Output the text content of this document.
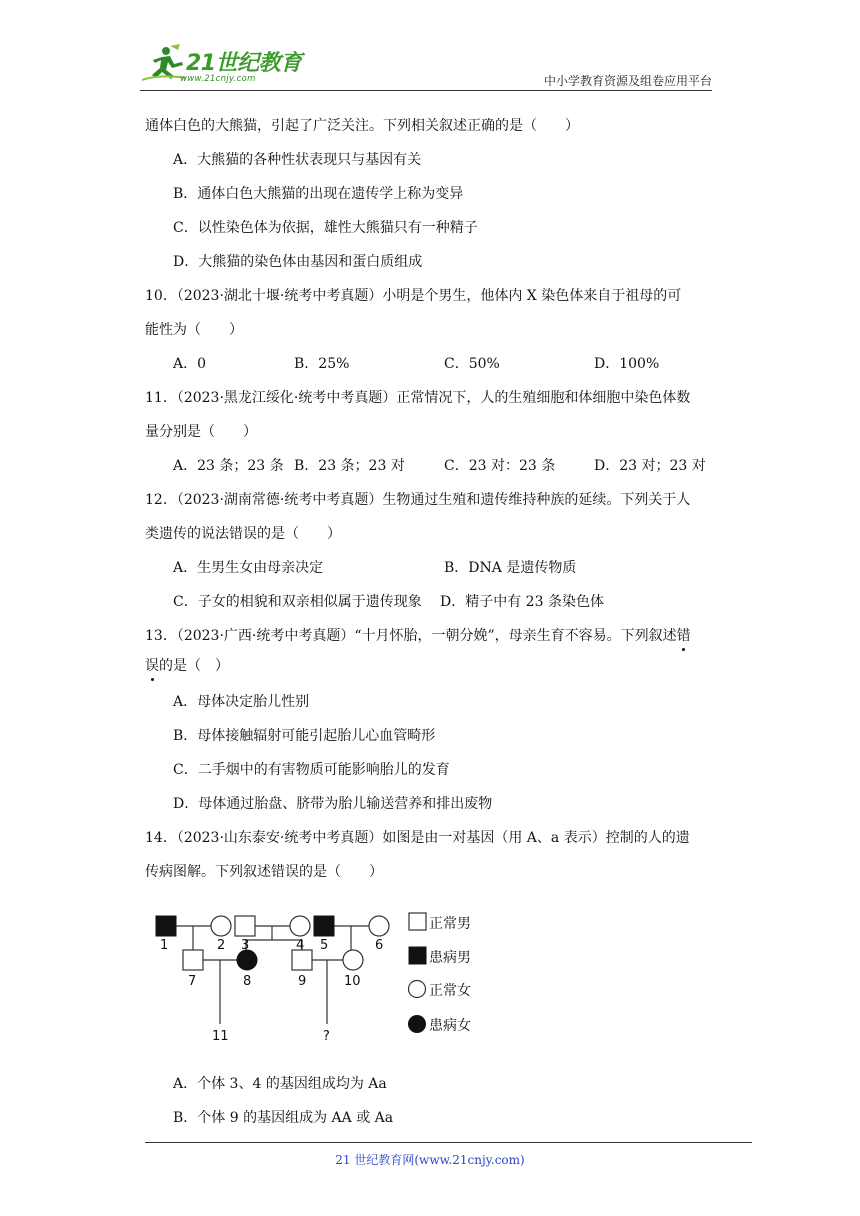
21世纪教育
www.21cnjy.com	中小学教育资源及组卷应用平台
通体白色的大熊猫，引起了广泛关注。下列相关叙述正确的是（　　）
A．大熊猫的各种性状表现只与基因有关
B．通体白色大熊猫的出现在遗传学上称为变异
C．以性染色体为依据，雄性大熊猫只有一种精子
D．大熊猫的染色体由基因和蛋白质组成
10．（2023·湖北十堰·统考中考真题）小明是个男生，他体内 X 染色体来自于祖母的可
能性为（　　）
A．0	B．25%	C．50%	D．100%
11．（2023·黑龙江绥化·统考中考真题）正常情况下，人的生殖细胞和体细胞中染色体数
量分别是（　　）
A．23 条；23 条 B．23 条；23 对	C．23 对：23 条	D．23 对；23 对
12．（2023·湖南常德·统考中考真题）生物通过生殖和遗传维持种族的延续。下列关于人
类遗传的说法错误的是（　　）
A．生男生女由母亲决定	B．DNA 是遗传物质
C．子女的相貌和双亲相似属于遗传现象 D．精子中有 23 条染色体
13．（2023·广西·统考中考真题）“十月怀胎，一朝分娩”，母亲生育不容易。下列叙述错
误的是（　）
A．母体决定胎儿性别
B．母体接触辐射可能引起胎儿心血管畸形
C．二手烟中的有害物质可能影响胎儿的发育
D．母体通过胎盘、脐带为胎儿输送营养和排出废物
14．（2023·山东泰安·统考中考真题）如图是由一对基因（用 A、a 表示）控制的人的遗
传病图解。下列叙述错误的是（　　）
1	2 3	4 5	6
7	8	9	10
11	?
正常男
患病男
正常女
患病女
A．个体 3、4 的基因组成均为 Aa
B．个体 9 的基因组成为 AA 或 Aa
21 世纪教育网(www.21cnjy.com)
